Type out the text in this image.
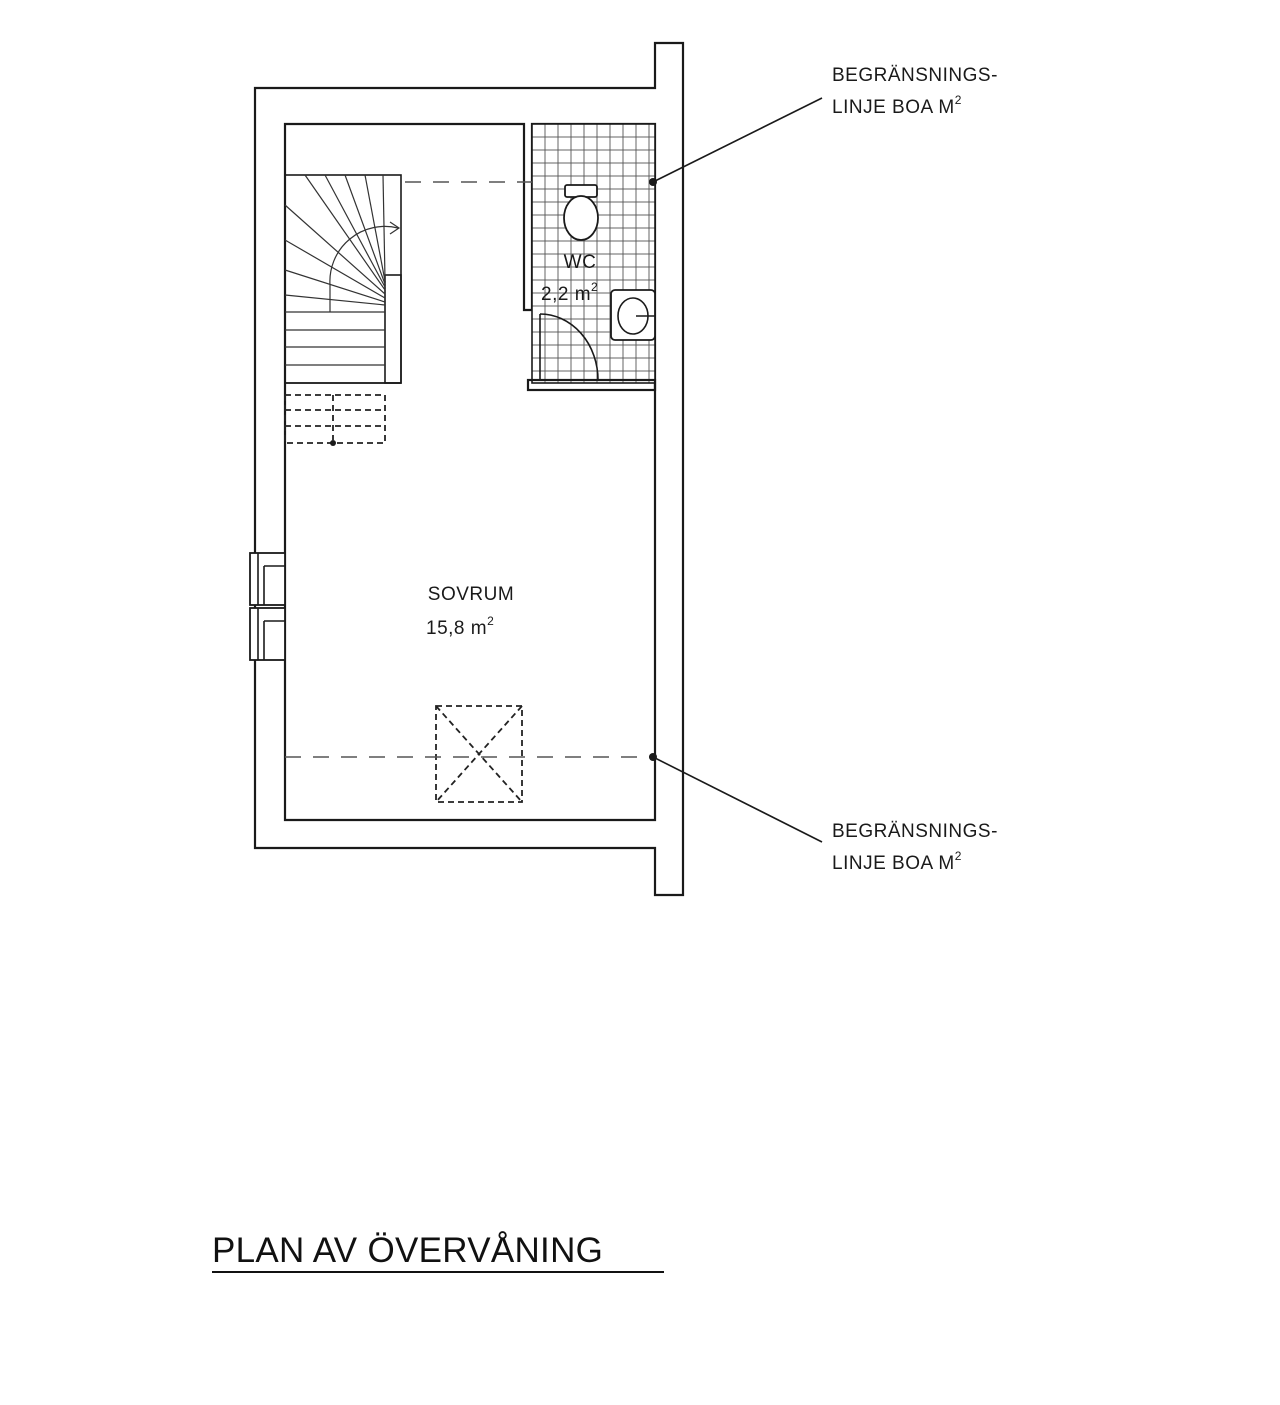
BEGRÄNSNINGS-
LINJE BOA $M^2$
BEGRÄNSNINGS-
LINJE BOA $M^2$
WC
2,2 $m^2$
SOVRUM
15,8 $m^2$
PLAN AV ÖVERVÅNING
